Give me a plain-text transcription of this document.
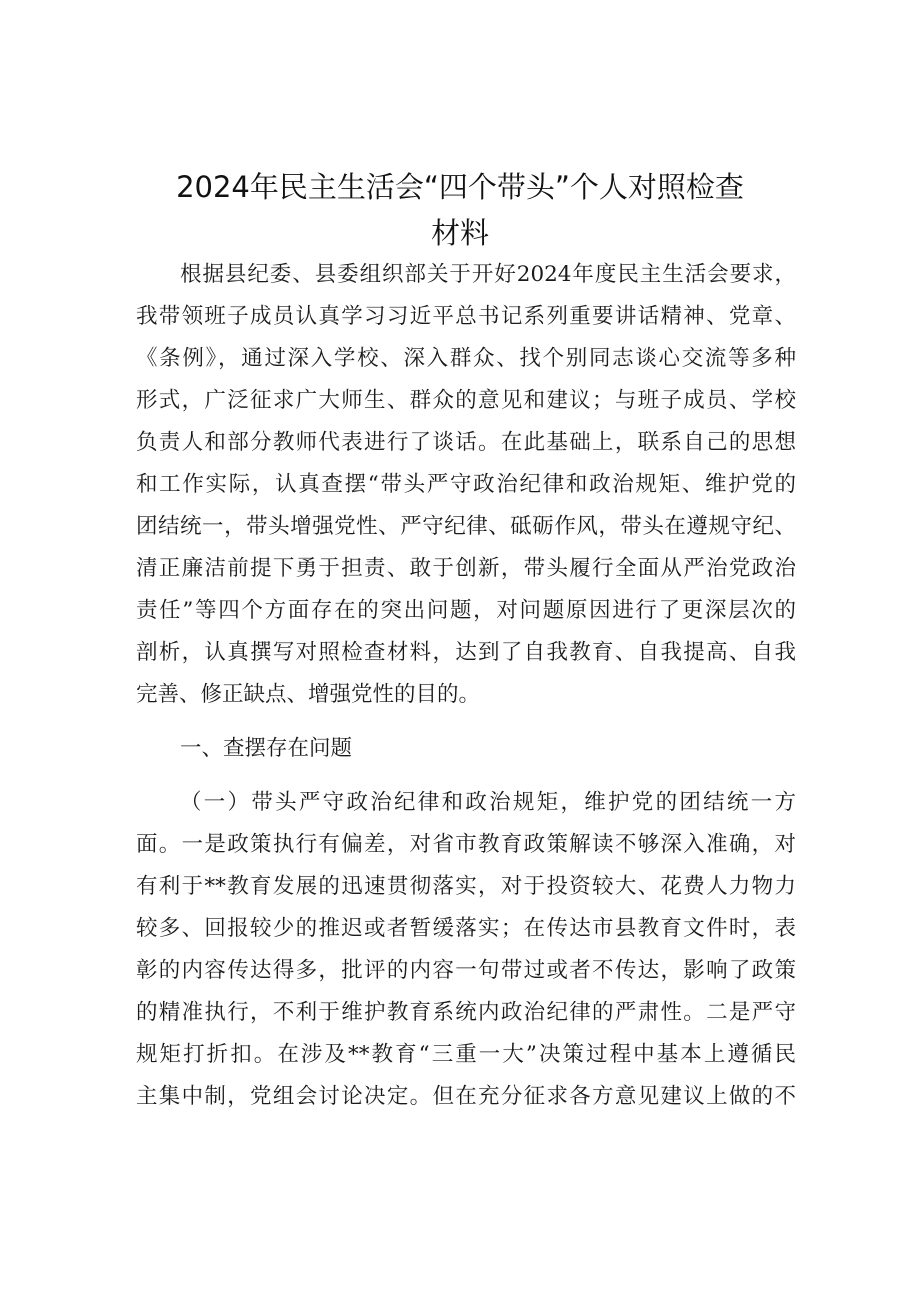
2024年民主生活会“四个带头”个人对照检查
材料
根据县纪委、县委组织部关于开好2024年度民主生活会要求，
我带领班子成员认真学习习近平总书记系列重要讲话精神、党章、
《条例》，通过深入学校、深入群众、找个别同志谈心交流等多种
形式，广泛征求广大师生、群众的意见和建议；与班子成员、学校
负责人和部分教师代表进行了谈话。在此基础上，联系自己的思想
和工作实际，认真查摆“带头严守政治纪律和政治规矩、维护党的
团结统一，带头增强党性、严守纪律、砥砺作风，带头在遵规守纪、
清正廉洁前提下勇于担责、敢于创新，带头履行全面从严治党政治
责任”等四个方面存在的突出问题，对问题原因进行了更深层次的
剖析，认真撰写对照检查材料，达到了自我教育、自我提高、自我
完善、修正缺点、增强党性的目的。
一、查摆存在问题
（一）带头严守政治纪律和政治规矩，维护党的团结统一方
面。一是政策执行有偏差，对省市教育政策解读不够深入准确，对
有利于**教育发展的迅速贯彻落实，对于投资较大、花费人力物力
较多、回报较少的推迟或者暂缓落实；在传达市县教育文件时，表
彰的内容传达得多，批评的内容一句带过或者不传达，影响了政策
的精准执行，不利于维护教育系统内政治纪律的严肃性。二是严守
规矩打折扣。在涉及**教育“三重一大”决策过程中基本上遵循民
主集中制，党组会讨论决定。但在充分征求各方意见建议上做的不
